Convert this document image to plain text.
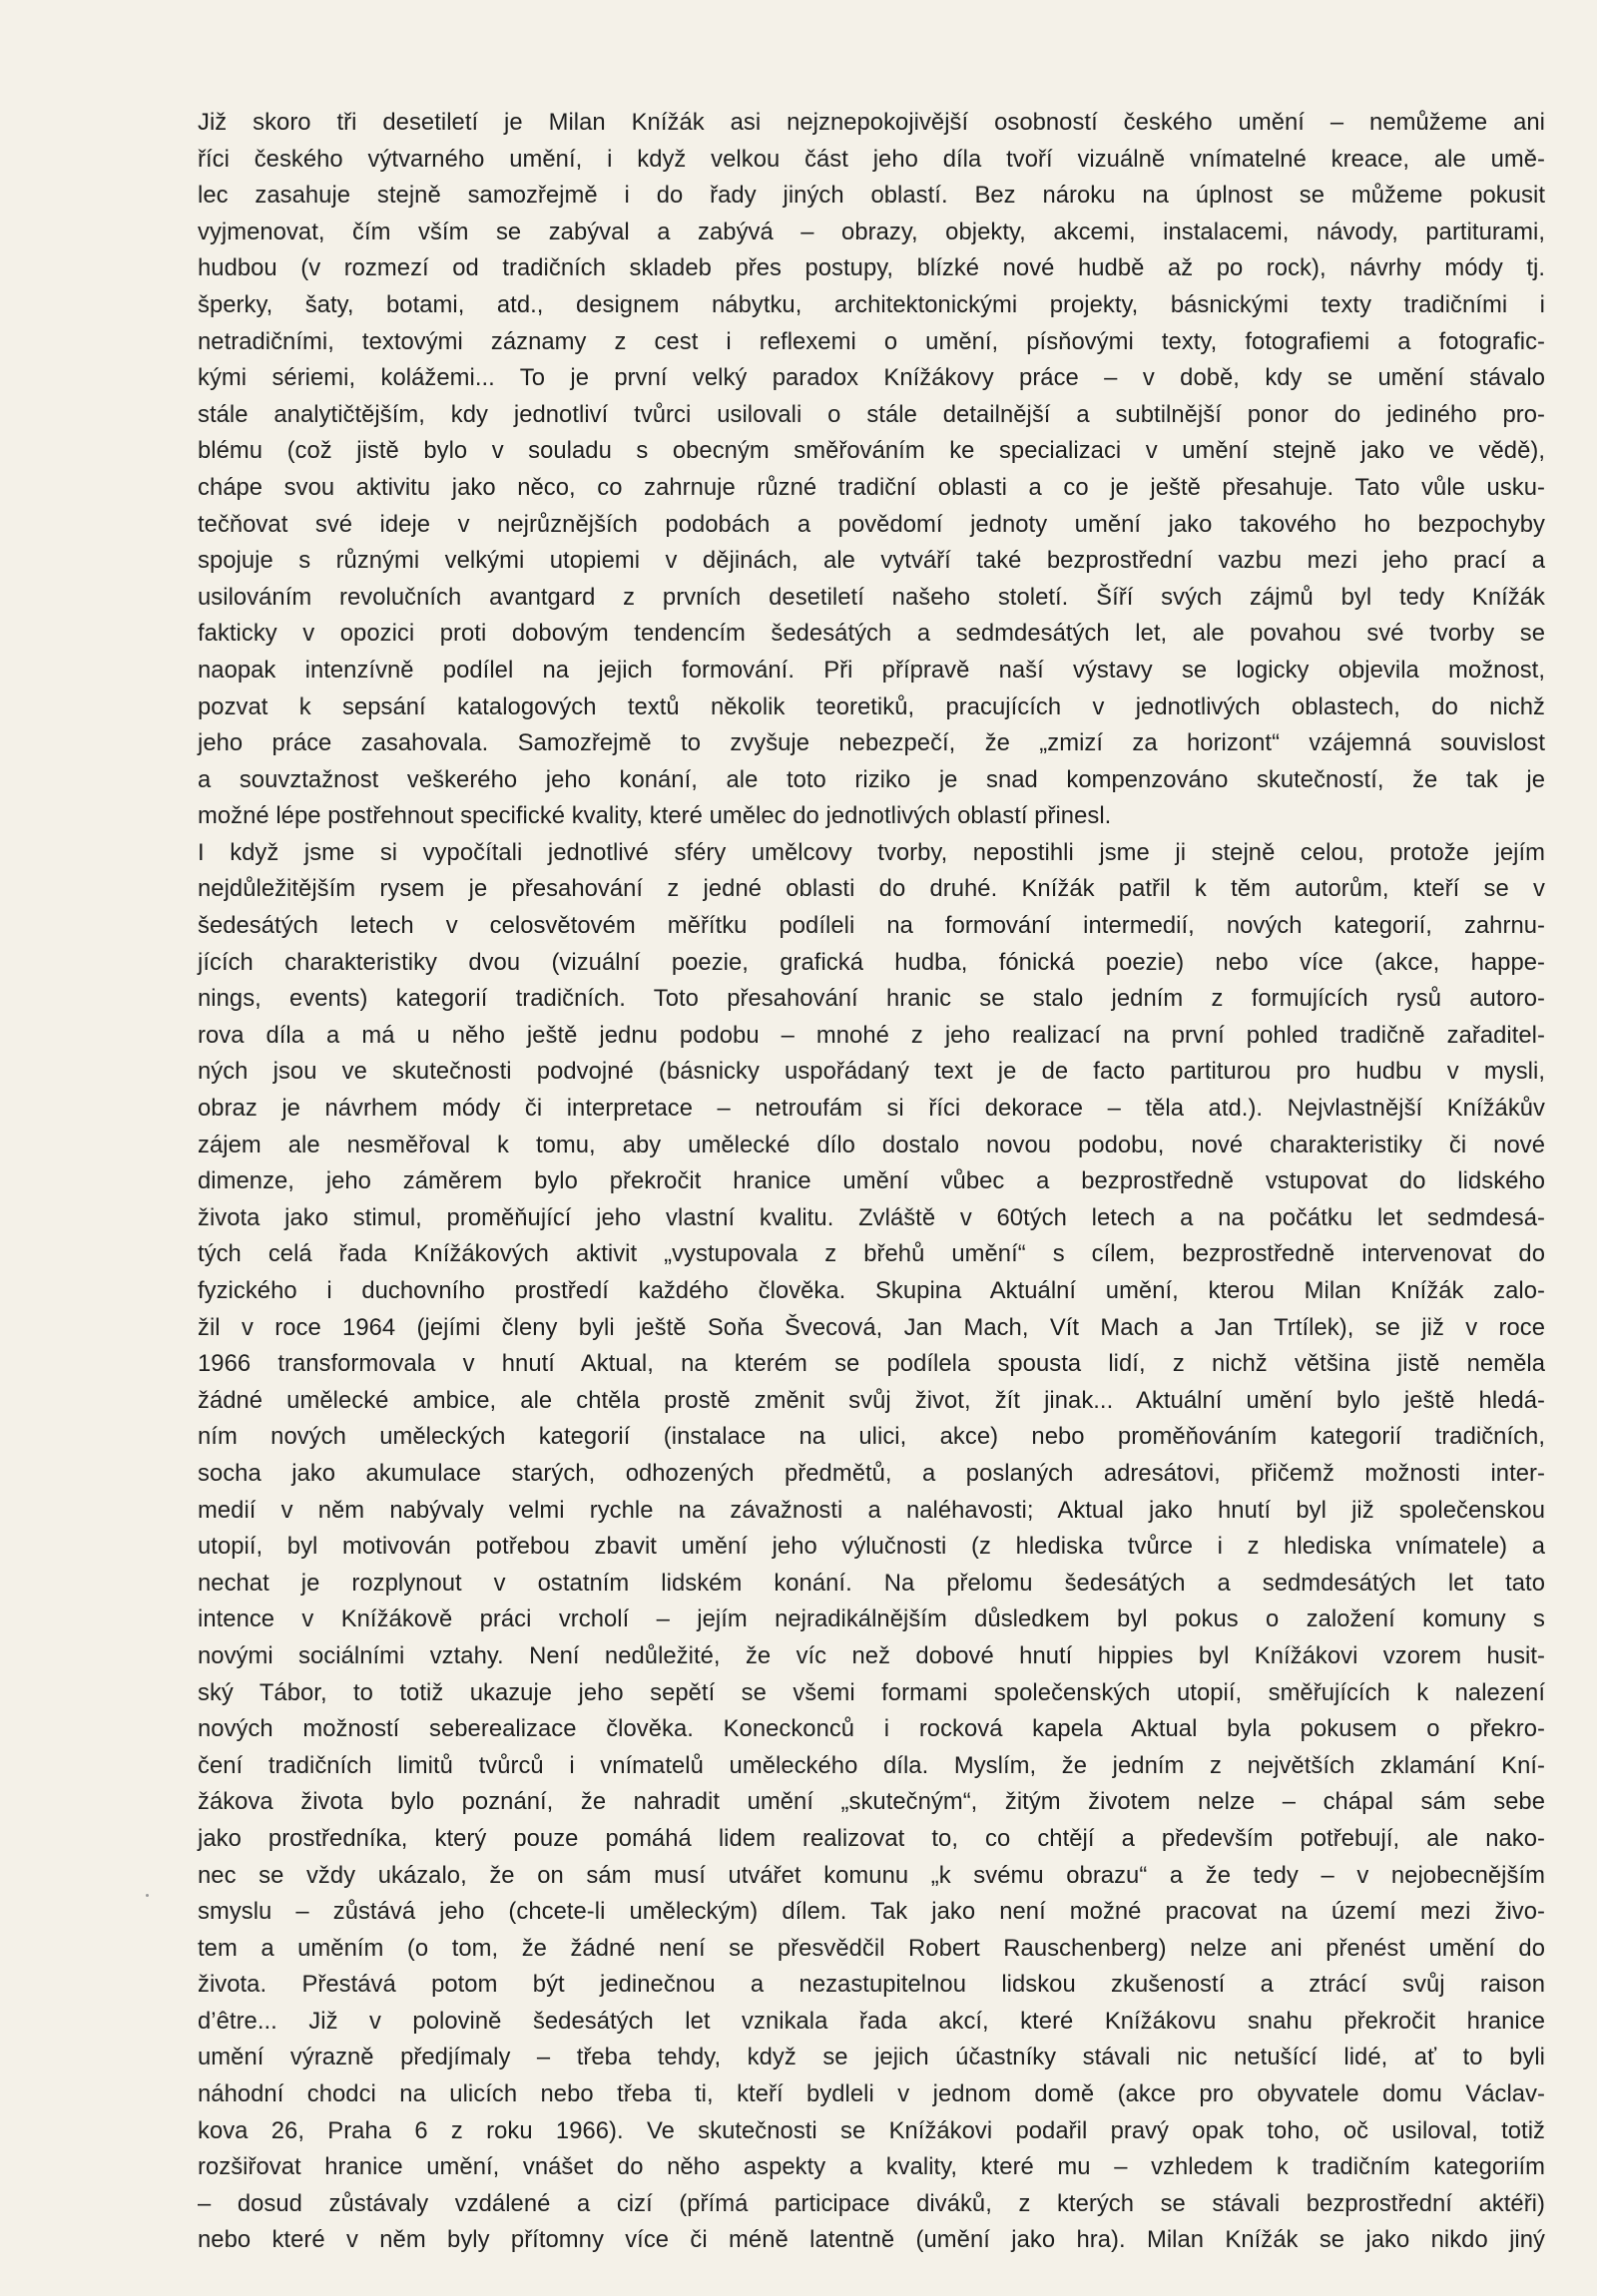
Již skoro tři desetiletí je Milan Knížák asi nejznepokojivější osobností českého umění – nemůžeme ani
říci českého výtvarného umění, i když velkou část jeho díla tvoří vizuálně vnímatelné kreace, ale umě-
lec zasahuje stejně samozřejmě i do řady jiných oblastí. Bez nároku na úplnost se můžeme pokusit
vyjmenovat, čím vším se zabýval a zabývá – obrazy, objekty, akcemi, instalacemi, návody, partiturami,
hudbou (v rozmezí od tradičních skladeb přes postupy, blízké nové hudbě až po rock), návrhy módy tj.
šperky, šaty, botami, atd., designem nábytku, architektonickými projekty, básnickými texty tradičními i
netradičními, textovými záznamy z cest i reflexemi o umění, písňovými texty, fotografiemi a fotografic-
kými sériemi, kolážemi... To je první velký paradox Knížákovy práce – v době, kdy se umění stávalo
stále analytičtějším, kdy jednotliví tvůrci usilovali o stále detailnější a subtilnější ponor do jediného pro-
blému (což jistě bylo v souladu s obecným směřováním ke specializaci v umění stejně jako ve vědě),
chápe svou aktivitu jako něco, co zahrnuje různé tradiční oblasti a co je ještě přesahuje. Tato vůle usku-
tečňovat své ideje v nejrůznějších podobách a povědomí jednoty umění jako takového ho bezpochyby
spojuje s různými velkými utopiemi v dějinách, ale vytváří také bezprostřední vazbu mezi jeho prací a
usilováním revolučních avantgard z prvních desetiletí našeho století. Šíří svých zájmů byl tedy Knížák
fakticky v opozici proti dobovým tendencím šedesátých a sedmdesátých let, ale povahou své tvorby se
naopak intenzívně podílel na jejich formování. Při přípravě naší výstavy se logicky objevila možnost,
pozvat k sepsání katalogových textů několik teoretiků, pracujících v jednotlivých oblastech, do nichž
jeho práce zasahovala. Samozřejmě to zvyšuje nebezpečí, že „zmizí za horizont“ vzájemná souvislost
a souvztažnost veškerého jeho konání, ale toto riziko je snad kompenzováno skutečností, že tak je
možné lépe postřehnout specifické kvality, které umělec do jednotlivých oblastí přinesl.
I když jsme si vypočítali jednotlivé sféry umělcovy tvorby, nepostihli jsme ji stejně celou, protože jejím
nejdůležitějším rysem je přesahování z jedné oblasti do druhé. Knížák patřil k těm autorům, kteří se v
šedesátých letech v celosvětovém měřítku podíleli na formování intermedií, nových kategorií, zahrnu-
jících charakteristiky dvou (vizuální poezie, grafická hudba, fónická poezie) nebo více (akce, happe-
nings, events) kategorií tradičních. Toto přesahování hranic se stalo jedním z formujících rysů autoro-
rova díla a má u něho ještě jednu podobu – mnohé z jeho realizací na první pohled tradičně zařaditel-
ných jsou ve skutečnosti podvojné (básnicky uspořádaný text je de facto partiturou pro hudbu v mysli,
obraz je návrhem módy či interpretace – netroufám si říci dekorace – těla atd.). Nejvlastnější Knížákův
zájem ale nesměřoval k tomu, aby umělecké dílo dostalo novou podobu, nové charakteristiky či nové
dimenze, jeho záměrem bylo překročit hranice umění vůbec a bezprostředně vstupovat do lidského
života jako stimul, proměňující jeho vlastní kvalitu. Zvláště v 60tých letech a na počátku let sedmdesá-
tých celá řada Knížákových aktivit „vystupovala z břehů umění“ s cílem, bezprostředně intervenovat do
fyzického i duchovního prostředí každého člověka. Skupina Aktuální umění, kterou Milan Knížák zalo-
žil v roce 1964 (jejími členy byli ještě Soňa Švecová, Jan Mach, Vít Mach a Jan Trtílek), se již v roce
1966 transformovala v hnutí Aktual, na kterém se podílela spousta lidí, z nichž většina jistě neměla
žádné umělecké ambice, ale chtěla prostě změnit svůj život, žít jinak... Aktuální umění bylo ještě hledá-
ním nových uměleckých kategorií (instalace na ulici, akce) nebo proměňováním kategorií tradičních,
socha jako akumulace starých, odhozených předmětů, a poslaných adresátovi, přičemž možnosti inter-
medií v něm nabývaly velmi rychle na závažnosti a naléhavosti; Aktual jako hnutí byl již společenskou
utopií, byl motivován potřebou zbavit umění jeho výlučnosti (z hlediska tvůrce i z hlediska vnímatele) a
nechat je rozplynout v ostatním lidském konání. Na přelomu šedesátých a sedmdesátých let tato
intence v Knížákově práci vrcholí – jejím nejradikálnějším důsledkem byl pokus o založení komuny s
novými sociálními vztahy. Není nedůležité, že víc než dobové hnutí hippies byl Knížákovi vzorem husit-
ský Tábor, to totiž ukazuje jeho sepětí se všemi formami společenských utopií, směřujících k nalezení
nových možností seberealizace člověka. Koneckonců i rocková kapela Aktual byla pokusem o překro-
čení tradičních limitů tvůrců i vnímatelů uměleckého díla. Myslím, že jedním z největších zklamání Kní-
žákova života bylo poznání, že nahradit umění „skutečným“, žitým životem nelze – chápal sám sebe
jako prostředníka, který pouze pomáhá lidem realizovat to, co chtějí a především potřebují, ale nako-
nec se vždy ukázalo, že on sám musí utvářet komunu „k svému obrazu“ a že tedy – v nejobecnějším
smyslu – zůstává jeho (chcete-li uměleckým) dílem. Tak jako není možné pracovat na území mezi živo-
tem a uměním (o tom, že žádné není se přesvědčil Robert Rauschenberg) nelze ani přenést umění do
života. Přestává potom být jedinečnou a nezastupitelnou lidskou zkušeností a ztrácí svůj raison
d’être... Již v polovině šedesátých let vznikala řada akcí, které Knížákovu snahu překročit hranice
umění výrazně předjímaly – třeba tehdy, když se jejich účastníky stávali nic netušící lidé, ať to byli
náhodní chodci na ulicích nebo třeba ti, kteří bydleli v jednom domě (akce pro obyvatele domu Václav-
kova 26, Praha 6 z roku 1966). Ve skutečnosti se Knížákovi podařil pravý opak toho, oč usiloval, totiž
rozšiřovat hranice umění, vnášet do něho aspekty a kvality, které mu – vzhledem k tradičním kategoriím
– dosud zůstávaly vzdálené a cizí (přímá participace diváků, z kterých se stávali bezprostřední aktéři)
nebo které v něm byly přítomny více či méně latentně (umění jako hra). Milan Knížák se jako nikdo jiný
